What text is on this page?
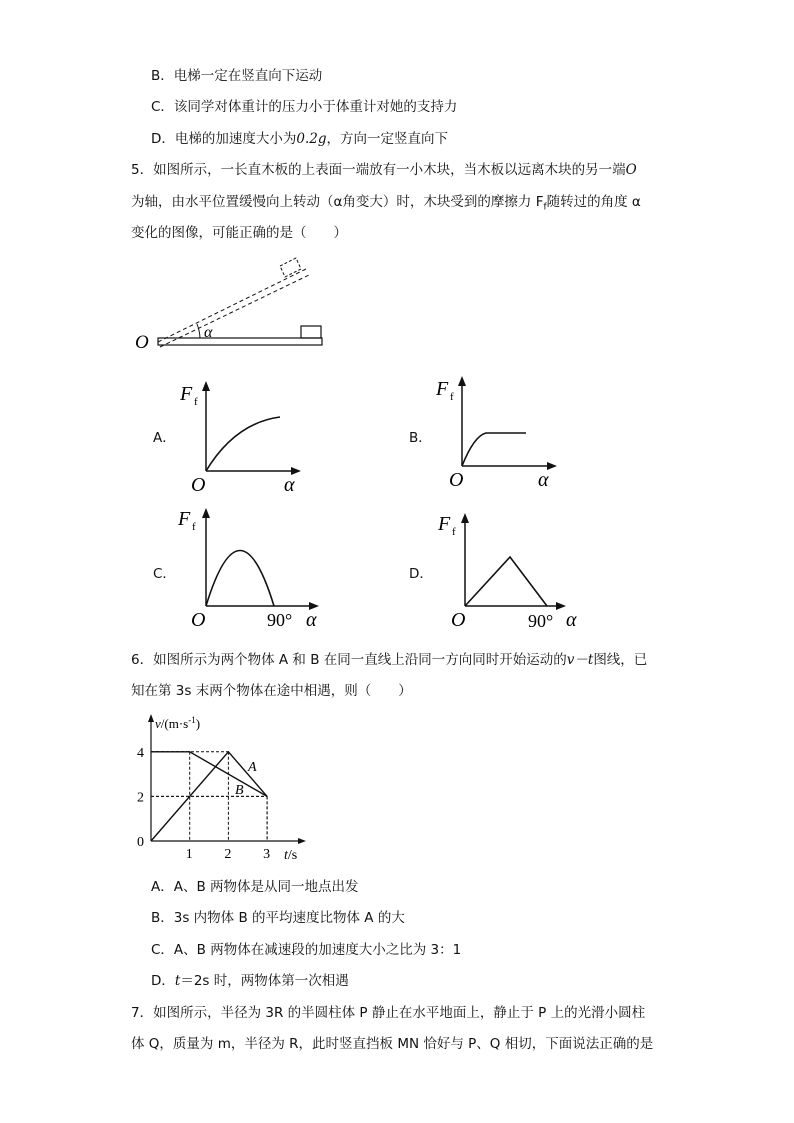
B．电梯一定在竖直向下运动
C．该同学对体重计的压力小于体重计对她的支持力
D．电梯的加速度大小为0.2g，方向一定竖直向下
5．如图所示，一长直木板的上表面一端放有一小木块，当木板以远离木块的另一端O
为轴，由水平位置缓慢向上转动（α角变大）时，木块受到的摩擦力 $F_f$随转过的角度 α
变化的图像，可能正确的是（　　）
α
O
A．	B．
C．	D．
F f
O	α
F f
O	α
F f
O	90° α
F f
O	90° α
6．如图所示为两个物体 A 和 B 在同一直线上沿同一方向同时开始运动的v－t图线，已
知在第 3s 末两个物体在途中相遇，则（　　）
0
1 2 3
2
4
$v/(m\cdot s^{-1})$
t/s
A
B
A．A、B 两物体是从同一地点出发
B．3s 内物体 B 的平均速度比物体 A 的大
C．A、B 两物体在减速段的加速度大小之比为 3：1
D．t＝2s 时，两物体第一次相遇
7．如图所示，半径为 3R 的半圆柱体 P 静止在水平地面上，静止于 P 上的光滑小圆柱
体 Q，质量为 m，半径为 R，此时竖直挡板 MN 恰好与 P、Q 相切，下面说法正确的是
